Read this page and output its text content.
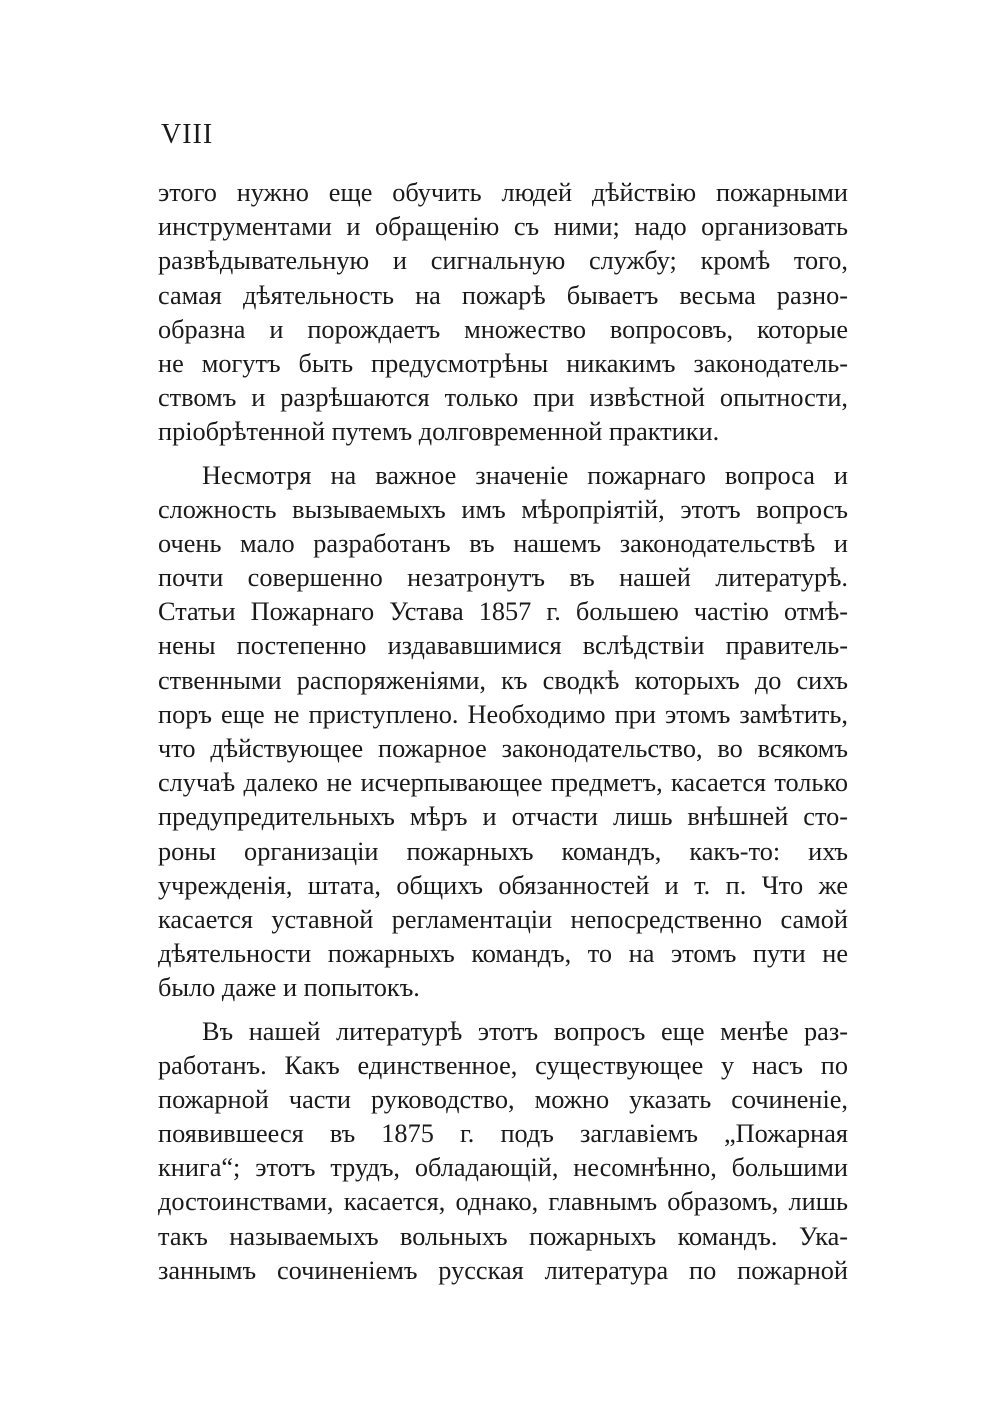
VIII
этого нужно еще обучить людей дѣйствію пожарными
инструментами и обращенію съ ними; надо организовать
развѣдывательную и сигнальную службу; кромѣ того,
самая дѣятельность на пожарѣ бываетъ весьма разно-
образна и порождаетъ множество вопросовъ, которые
не могутъ быть предусмотрѣны никакимъ законодатель-
ствомъ и разрѣшаются только при извѣстной опытности,
пріобрѣтенной путемъ долговременной практики.
Несмотря на важное значеніе пожарнаго вопроса и
сложность вызываемыхъ имъ мѣропріятій, этотъ вопросъ
очень мало разработанъ въ нашемъ законодательствѣ и
почти совершенно незатронутъ въ нашей литературѣ.
Статьи Пожарнаго Устава 1857 г. большею частію отмѣ-
нены постепенно издававшимися вслѣдствіи правитель-
ственными распоряженіями, къ сводкѣ которыхъ до сихъ
поръ еще не приступлено. Необходимо при этомъ замѣтить,
что дѣйствующее пожарное законодательство, во всякомъ
случаѣ далеко не исчерпывающее предметъ, касается только
предупредительныхъ мѣръ и отчасти лишь внѣшней сто-
роны организаціи пожарныхъ командъ, какъ-то: ихъ
учрежденія, штата, общихъ обязанностей и т. п. Что же
касается уставной регламентаціи непосредственно самой
дѣятельности пожарныхъ командъ, то на этомъ пути не
было даже и попытокъ.
Въ нашей литературѣ этотъ вопросъ еще менѣе раз-
работанъ. Какъ единственное, существующее у насъ по
пожарной части руководство, можно указать сочиненіе,
появившееся въ 1875 г. подъ заглавіемъ „Пожарная
книга“; этотъ трудъ, обладающій, несомнѣнно, большими
достоинствами, касается, однако, главнымъ образомъ, лишь
такъ называемыхъ вольныхъ пожарныхъ командъ. Ука-
заннымъ сочиненіемъ русская литература по пожарной
